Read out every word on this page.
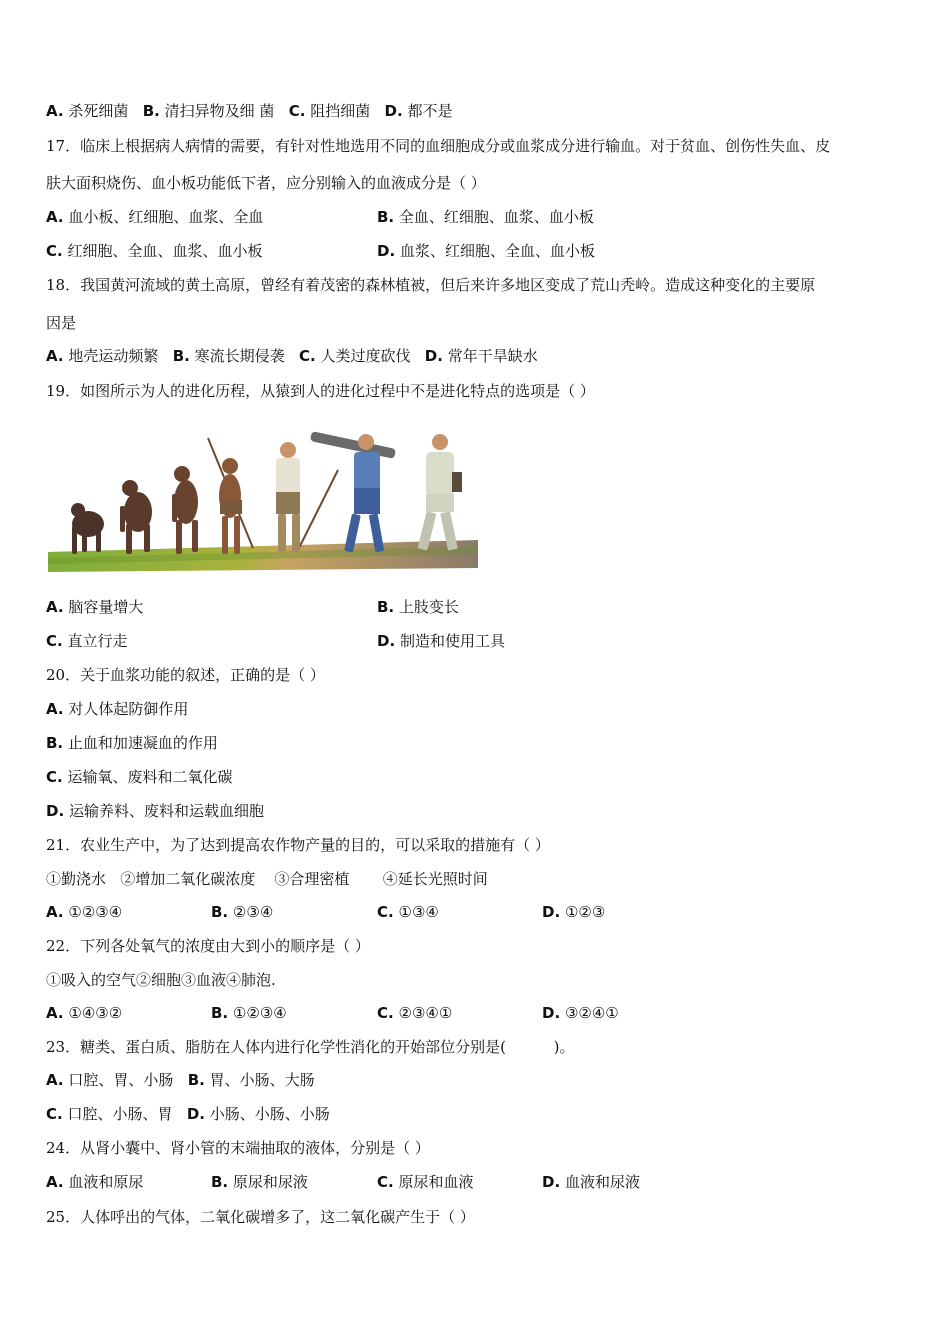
A. 杀死细菌 B. 清扫异物及细 菌 C. 阻挡细菌 D. 都不是
17．临床上根据病人病情的需要，有针对性地选用不同的血细胞成分或血浆成分进行输血。对于贫血、创伤性失血、皮
肤大面积烧伤、血小板功能低下者，应分别输入的血液成分是（ ）
A. 血小板、红细胞、血浆、全血	B. 全血、红细胞、血浆、血小板
C. 红细胞、全血、血浆、血小板	D. 血浆、红细胞、全血、血小板
18．我国黄河流域的黄土高原，曾经有着茂密的森林植被，但后来许多地区变成了荒山秃岭。造成这种变化的主要原
因是
A. 地壳运动频繁 B. 寒流长期侵袭 C. 人类过度砍伐 D. 常年干旱缺水
19．如图所示为人的进化历程，从猿到人的进化过程中不是进化特点的选项是（ ）
A. 脑容量增大	B. 上肢变长
C. 直立行走	D. 制造和使用工具
20．关于血浆功能的叙述，正确的是（ ）
A. 对人体起防御作用
B. 止血和加速凝血的作用
C. 运输氧、废料和二氧化碳
D. 运输养料、废料和运载血细胞
21．农业生产中，为了达到提高农作物产量的目的，可以采取的措施有（ ）
①勤浇水   ②增加二氧化碳浓度    ③合理密植       ④延长光照时间
A. ①②③④	B. ②③④	C. ①③④	D. ①②③
22．下列各处氧气的浓度由大到小的顺序是（ ）
①吸入的空气②细胞③血液④肺泡.
A. ①④③②	B. ①②③④	C. ②③④①	D. ③②④①
23．糖类、蛋白质、脂肪在人体内进行化学性消化的开始部位分别是(          )。
A. 口腔、胃、小肠 B. 胃、小肠、大肠
C. 口腔、小肠、胃 D. 小肠、小肠、小肠
24．从肾小囊中、肾小管的末端抽取的液体，分别是（ ）
A. 血液和原尿	B. 原尿和尿液	C. 原尿和血液	D. 血液和尿液
25．人体呼出的气体，二氧化碳增多了，这二氧化碳产生于（ ）
